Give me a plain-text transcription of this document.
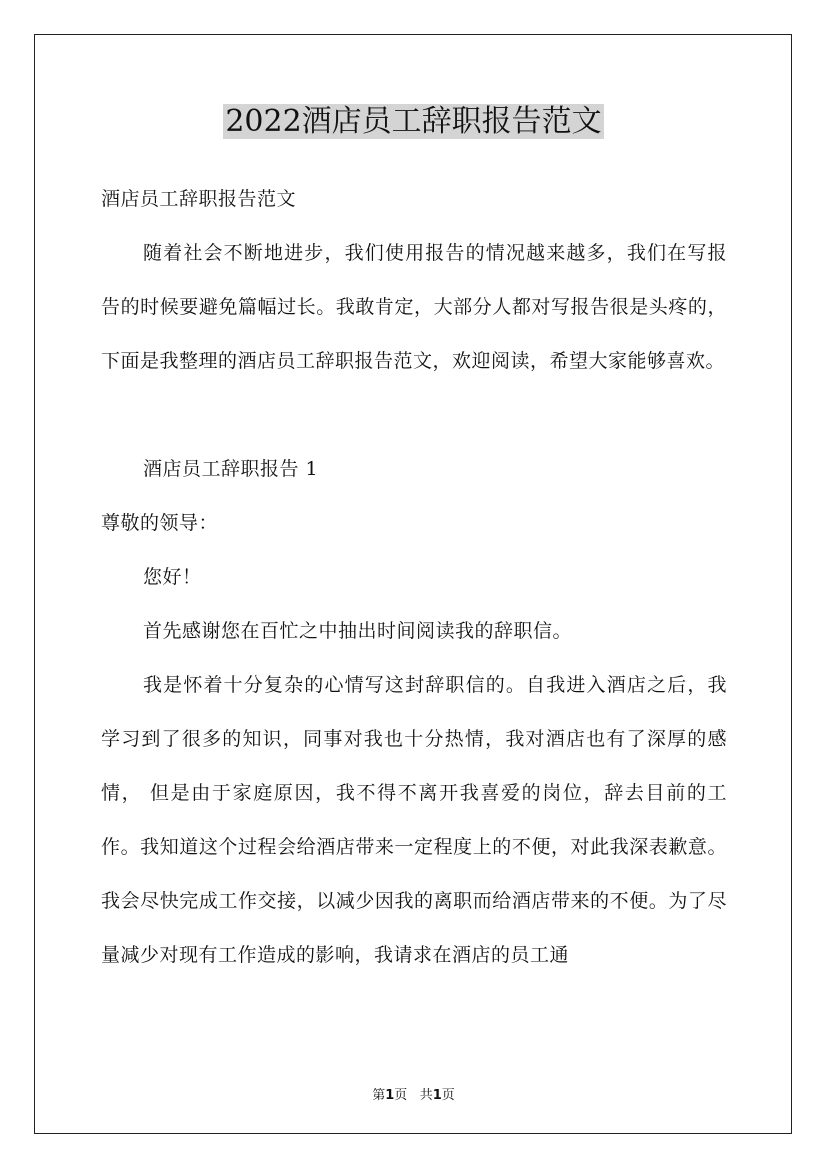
2022酒店员工辞职报告范文

酒店员工辞职报告范文

随着社会不断地进步，我们使用报告的情况越来越多，我们在写报告的时候要避免篇幅过长。我敢肯定，大部分人都对写报告很是头疼的，下面是我整理的酒店员工辞职报告范文，欢迎阅读，希望大家能够喜欢。

酒店员工辞职报告 1

尊敬的领导：

您好！

首先感谢您在百忙之中抽出时间阅读我的辞职信。

我是怀着十分复杂的心情写这封辞职信的。自我进入酒店之后，我学习到了很多的知识，同事对我也十分热情，我对酒店也有了深厚的感情， 但是由于家庭原因，我不得不离开我喜爱的岗位，辞去目前的工作。我知道这个过程会给酒店带来一定程度上的不便，对此我深表歉意。我会尽快完成工作交接，以减少因我的离职而给酒店带来的不便。为了尽量减少对现有工作造成的影响，我请求在酒店的员工通

第1页 共1页
